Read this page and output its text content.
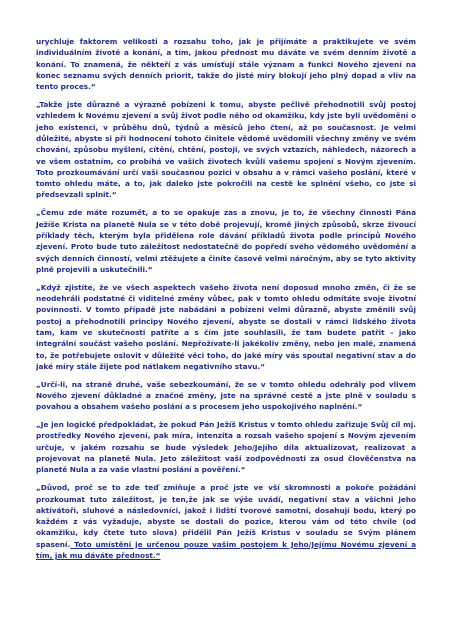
urychluje faktorem velikosti a rozsahu toho, jak je přijímáte a praktikujete ve svém individuálním životě a konání, a tím, jakou přednost mu dáváte ve svém denním životě a konání. To znamená, že někteří z vás umísťují stále význam a funkci Nového zjevení na konec seznamu svých denních priorit, takže do jisté míry blokují jeho plný dopad a vliv na tento proces.“

„Takže jste důrazně a výrazně pobízeni k tomu, abyste pečlivě přehodnotili svůj postoj vzhledem k Novému zjevení a svůj život podle něho od okamžiku, kdy jste byli uvědomění o jeho existenci, v průběhu dnů, týdnů a měsíců jeho čtení, až po současnost. Je velmi důležité, abyste si při hodnocení tohoto činitele vědomě uvědomili všechny změny ve svém chování, způsobu myšlení, cítění, chtění, postoji, ve svých vztazích, náhledech, názorech a ve všem ostatním, co probíhá ve vašich životech kvůli vašemu spojení s Novým zjevením. Toto prozkoumávání určí vaši současnou pozici v obsahu a v rámci vašeho poslání, které v tomto ohledu máte, a to, jak daleko jste pokročili na cestě ke splnění všeho, co jste si předsevzali splnit.“

„Čemu zde máte rozumět, a to se opakuje zas a znovu, je to, že všechny činnosti Pána Ježíše Krista na planetě Nula se v této době projevují, kromě jiných způsobů, skrze živoucí příklady těch, kterým byla přidělena role dávání příkladů života podle principů Nového zjevení. Proto bude tuto záležitost nedostatečně do popředí svého vědomého uvědomění a svých denních činností, velmi ztěžujete a činíte časově velmi náročným, aby se tyto aktivity plně projevili a uskutečnili.“

„Když zjistíte, že ve všech aspektech vašeho života není doposud mnoho změn, či že se neodehráli podstatné či viditelné změny vůbec, pak v tomto ohledu odmítáte svoje životní povinnosti. V tomto případě jste nabádáni a pobízeni velmi důrazně, abyste změnili svůj postoj a přehodnotili principy Nového zjevení, abyste se dostali v rámci lidského života tam, kam ve skutečnosti patříte a s čím jste souhlasili, že tam budete patřit – jako integrální součást vašeho poslání. Nepřožívate-li jakékoliv změny, nebo jen malé, znamená to, že potřebujete oslovit v důležité věci toho, do jaké míry vás spoutal negativní stav a do jaké míry stále žijete pod nátlakem negativního stavu.“

„Určí-li, na straně druhé, vaše sebezkoumání, že se v tomto ohledu odehrály pod vlivem Nového zjevení důkladné a značné změny, jste na správné cestě a jste plně v souladu s povahou a obsahem vašeho poslání a s procesem jeho uspokojivého naplnění.“

„Je jen logické předpokládat, že pokud Pán Ježíš Kristus v tomto ohledu zařizuje Svůj cíl mj. prostředky Nového zjevení, pak míra, intenzita a rozsah vašeho spojení s Novým zjevením určuje, v jakém rozsahu se bude výsledek Jeho/Jejího díla aktualizovat, realizovat a projevovat na planetě Nula. Jeto záležitost vaší zodpovědnosti za osud člověčenstva na planetě Nula a za vaše vlastní poslání a pověření.“

„Důvod, proč se to zde teď zmiňuje a proč jste ve vší skromnosti a pokoře požádáni prozkoumat tuto záležitost, je ten,že jak se výše uvádí, negativní stav a všichni jeho aktivátoři, sluhové a následovníci, jakož i lidští tvorové samotní, dosahují bodu, který po každém z vás vyžaduje, abyste se dostali do pozice, kterou vám od této chvíle (od okamžiku, kdy čtete tuto slova) přidělil Pán Ježíš Kristus v souladu se Svým plánem spasení. Toto umístění je určenou pouze vašim postojem k Jeho/Jejímu Novému zjevení a tím, jak mu dáváte přednost.“
